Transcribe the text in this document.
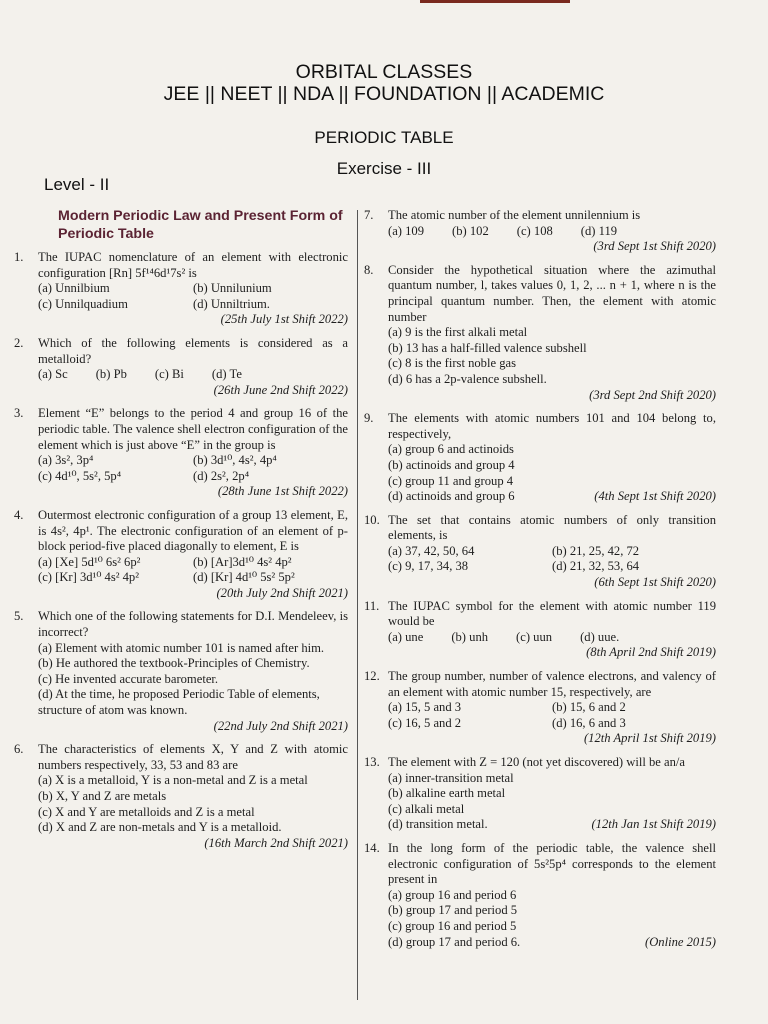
ORBITAL CLASSES
JEE || NEET || NDA || FOUNDATION || ACADEMIC
PERIODIC TABLE
Exercise - III
Level - II
Modern Periodic Law and Present Form of Periodic Table
1.	The IUPAC nomenclature of an element with electronic configuration [Rn] 5f¹⁴6d¹7s² is
(a) Unnilbium	(b) Unnilunium
(c) Unnilquadium	(d) Unniltrium.
(25th July 1st Shift 2022)
2.	Which of the following elements is considered as a metalloid?
(a) Sc (b) Pb (c) Bi (d) Te
(26th June 2nd Shift 2022)
3.	Element “E” belongs to the period 4 and group 16 of the periodic table. The valence shell electron configuration of the element which is just above “E” in the group is
(a) 3s², 3p⁴	(b) 3d¹⁰, 4s², 4p⁴
(c) 4d¹⁰, 5s², 5p⁴	(d) 2s², 2p⁴
(28th June 1st Shift 2022)
4.	Outermost electronic configuration of a group 13 element, E, is 4s², 4p¹. The electronic configuration of an element of p-block period-five placed diagonally to element, E is
(a) [Xe] 5d¹⁰ 6s² 6p²	(b) [Ar]3d¹⁰ 4s² 4p²
(c) [Kr] 3d¹⁰ 4s² 4p²	(d) [Kr] 4d¹⁰ 5s² 5p²
(20th July 2nd Shift 2021)
5.	Which one of the following statements for D.I. Mendeleev, is incorrect?
(a) Element with atomic number 101 is named after him.
(b) He authored the textbook-Principles of Chemistry.
(c) He invented accurate barometer.
(d) At the time, he proposed Periodic Table of elements, structure of atom was known.
(22nd July 2nd Shift 2021)
6.	The characteristics of elements X, Y and Z with atomic numbers respectively, 33, 53 and 83 are
(a) X is a metalloid, Y is a non-metal and Z is a metal
(b) X, Y and Z are metals
(c) X and Y are metalloids and Z is a metal
(d) X and Z are non-metals and Y is a metalloid.
(16th March 2nd Shift 2021)
7.	The atomic number of the element unnilennium is
(a) 109 (b) 102 (c) 108 (d) 119
(3rd Sept 1st Shift 2020)
8.	Consider the hypothetical situation where the azimuthal quantum number, l, takes values 0, 1, 2, ... n + 1, where n is the principal quantum number. Then, the element with atomic number
(a) 9 is the first alkali metal
(b) 13 has a half-filled valence subshell
(c) 8 is the first noble gas
(d) 6 has a 2p-valence subshell.
(3rd Sept 2nd Shift 2020)
9.	The elements with atomic numbers 101 and 104 belong to, respectively,
(a) group 6 and actinoids
(b) actinoids and group 4
(c) group 11 and group 4
(d) actinoids and group 6	(4th Sept 1st Shift 2020)
10. The set that contains atomic numbers of only transition elements, is
(a) 37, 42, 50, 64	(b) 21, 25, 42, 72
(c) 9, 17, 34, 38	(d) 21, 32, 53, 64
(6th Sept 1st Shift 2020)
11. The IUPAC symbol for the element with atomic number 119 would be
(a) une (b) unh (c) uun (d) uue.
(8th April 2nd Shift 2019)
12. The group number, number of valence electrons, and valency of an element with atomic number 15, respectively, are
(a) 15, 5 and 3	(b) 15, 6 and 2
(c) 16, 5 and 2	(d) 16, 6 and 3
(12th April 1st Shift 2019)
13. The element with Z = 120 (not yet discovered) will be an/a
(a) inner-transition metal
(b) alkaline earth metal
(c) alkali metal
(d) transition metal.	(12th Jan 1st Shift 2019)
14. In the long form of the periodic table, the valence shell electronic configuration of 5s²5p⁴ corresponds to the element present in
(a) group 16 and period 6
(b) group 17 and period 5
(c) group 16 and period 5
(d) group 17 and period 6.	(Online 2015)
